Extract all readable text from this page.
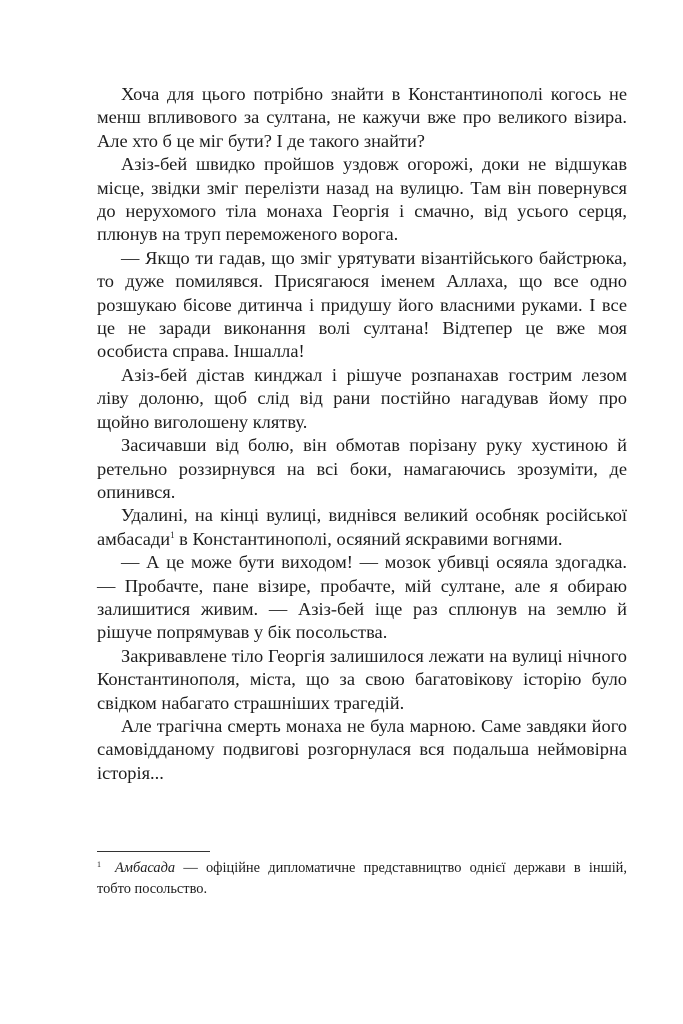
Хоча для цього потрібно знайти в Константинополі когось не менш впливового за султана, не кажучи вже про великого візира. Але хто б це міг бути? І де такого знайти?

Азіз-бей швидко пройшов уздовж огорожі, доки не відшукав місце, звідки зміг перелізти назад на вулицю. Там він повернувся до нерухомого тіла монаха Георгія і смачно, від усього серця, плюнув на труп переможеного ворога.

— Якщо ти гадав, що зміг урятувати візантійського байстрюка, то дуже помилявся. Присягаюся іменем Аллаха, що все одно розшукаю бісове дитинча і придушу його власними руками. І все це не заради виконання волі султана! Відтепер це вже моя особиста справа. Іншалла!

Азіз-бей дістав кинджал і рішуче розпанахав гострим лезом ліву долоню, щоб слід від рани постійно нагадував йому про щойно виголошену клятву.

Засичавши від болю, він обмотав порізану руку хустиною й ретельно роззирнувся на всі боки, намагаючись зрозуміти, де опинився.

Удалині, на кінці вулиці, виднівся великий особняк російської амбасади$^1$ в Константинополі, осяяний яскравими вогнями.

— А це може бути виходом! — мозок убивці осяяла здогадка. — Пробачте, пане візире, пробачте, мій султане, але я обираю залишитися живим. — Азіз-бей іще раз сплюнув на землю й рішуче попрямував у бік посольства.

Закривавлене тіло Георгія залишилося лежати на вулиці нічного Константинополя, міста, що за свою багатовікову історію було свідком набагато страшніших трагедій.

Але трагічна смерть монаха не була марною. Саме завдяки його самовідданому подвигові розгорнулася вся подальша неймовірна історія...

1 Амбасада — офіційне дипломатичне представництво однієї держави в іншій, тобто посольство.
